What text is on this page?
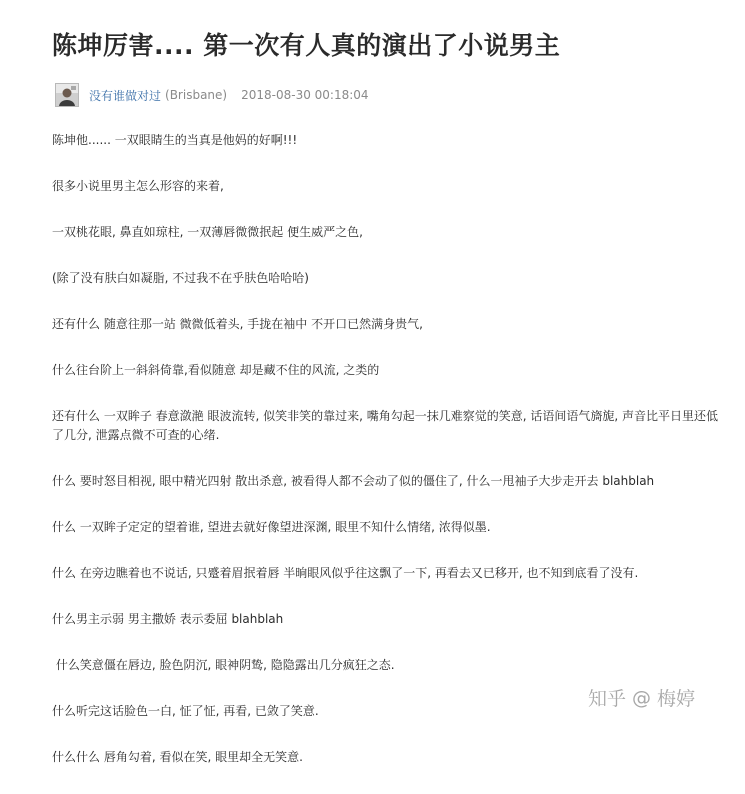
陈坤厉害.... 第一次有人真的演出了小说男主
没有谁做对过 (Brisbane) 2018-08-30 00:18:04

陈坤他...... 一双眼睛生的当真是他妈的好啊!!!

很多小说里男主怎么形容的来着,

一双桃花眼, 鼻直如琼柱, 一双薄唇微微抿起 便生威严之色,

(除了没有肤白如凝脂, 不过我不在乎肤色哈哈哈)

还有什么 随意往那一站 微微低着头, 手拢在袖中 不开口已然满身贵气,

什么往台阶上一斜斜倚靠,看似随意 却是藏不住的风流, 之类的

还有什么 一双眸子 春意潋滟 眼波流转, 似笑非笑的靠过来, 嘴角勾起一抹几难察觉的笑意, 话语间语气旖旎, 声音比平日里还低了几分, 泄露点微不可查的心绪.

什么 要时怒目相视, 眼中精光四射 散出杀意, 被看得人都不会动了似的僵住了, 什么一甩袖子大步走开去 blahblah

什么 一双眸子定定的望着谁, 望进去就好像望进深渊, 眼里不知什么情绪, 浓得似墨.

什么 在旁边瞧着也不说话, 只蹙着眉抿着唇 半晌眼风似乎往这飘了一下, 再看去又已移开, 也不知到底看了没有.

什么男主示弱 男主撒娇 表示委屈 blahblah

什么笑意僵在唇边, 脸色阴沉, 眼神阴鸷, 隐隐露出几分疯狂之态.

什么听完这话脸色一白, 怔了怔, 再看, 已敛了笑意.

什么什么 唇角勾着, 看似在笑, 眼里却全无笑意.

知乎 @ 梅婷
